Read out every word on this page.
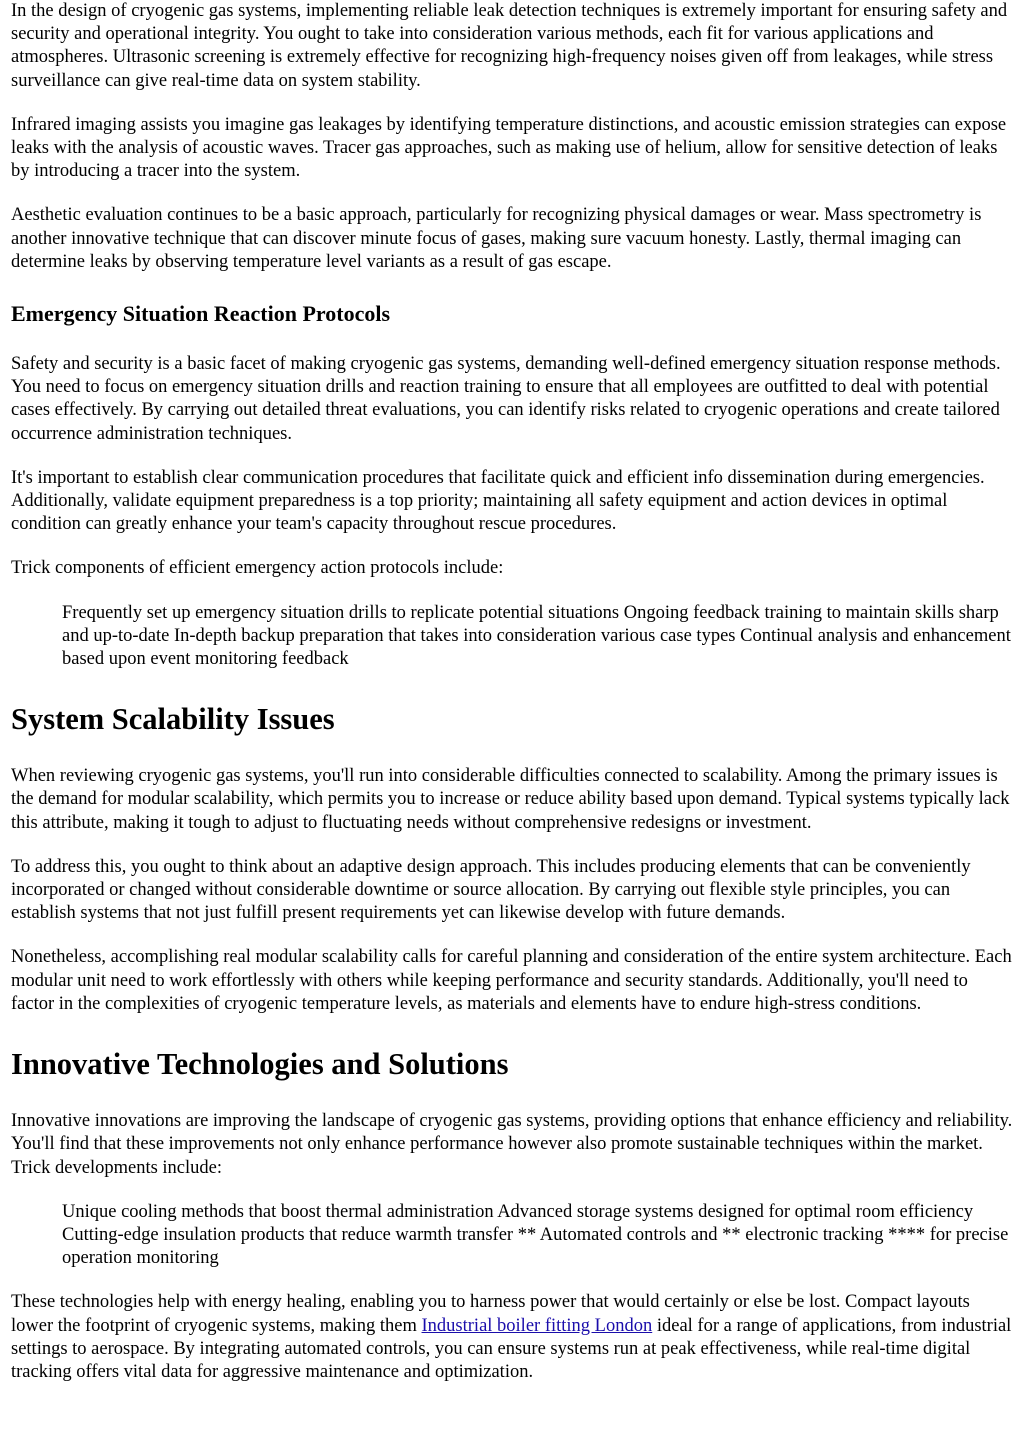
In the design of cryogenic gas systems, implementing reliable leak detection techniques is extremely important for ensuring safety and security and operational integrity. You ought to take into consideration various methods, each fit for various applications and atmospheres. Ultrasonic screening is extremely effective for recognizing high-frequency noises given off from leakages, while stress surveillance can give real-time data on system stability.

Infrared imaging assists you imagine gas leakages by identifying temperature distinctions, and acoustic emission strategies can expose leaks with the analysis of acoustic waves. Tracer gas approaches, such as making use of helium, allow for sensitive detection of leaks by introducing a tracer into the system.

Aesthetic evaluation continues to be a basic approach, particularly for recognizing physical damages or wear. Mass spectrometry is another innovative technique that can discover minute focus of gases, making sure vacuum honesty. Lastly, thermal imaging can determine leaks by observing temperature level variants as a result of gas escape.

Emergency Situation Reaction Protocols

Safety and security is a basic facet of making cryogenic gas systems, demanding well-defined emergency situation response methods. You need to focus on emergency situation drills and reaction training to ensure that all employees are outfitted to deal with potential cases effectively. By carrying out detailed threat evaluations, you can identify risks related to cryogenic operations and create tailored occurrence administration techniques.

It's important to establish clear communication procedures that facilitate quick and efficient info dissemination during emergencies. Additionally, validate equipment preparedness is a top priority; maintaining all safety equipment and action devices in optimal condition can greatly enhance your team's capacity throughout rescue procedures.

Trick components of efficient emergency action protocols include:

Frequently set up emergency situation drills to replicate potential situations Ongoing feedback training to maintain skills sharp and up-to-date In-depth backup preparation that takes into consideration various case types Continual analysis and enhancement based upon event monitoring feedback
System Scalability Issues

When reviewing cryogenic gas systems, you'll run into considerable difficulties connected to scalability. Among the primary issues is the demand for modular scalability, which permits you to increase or reduce ability based upon demand. Typical systems typically lack this attribute, making it tough to adjust to fluctuating needs without comprehensive redesigns or investment.

To address this, you ought to think about an adaptive design approach. This includes producing elements that can be conveniently incorporated or changed without considerable downtime or source allocation. By carrying out flexible style principles, you can establish systems that not just fulfill present requirements yet can likewise develop with future demands.

Nonetheless, accomplishing real modular scalability calls for careful planning and consideration of the entire system architecture. Each modular unit need to work effortlessly with others while keeping performance and security standards. Additionally, you'll need to factor in the complexities of cryogenic temperature levels, as materials and elements have to endure high-stress conditions.

Innovative Technologies and Solutions

Innovative innovations are improving the landscape of cryogenic gas systems, providing options that enhance efficiency and reliability. You'll find that these improvements not only enhance performance however also promote sustainable techniques within the market. Trick developments include:

Unique cooling methods that boost thermal administration Advanced storage systems designed for optimal room efficiency Cutting-edge insulation products that reduce warmth transfer ** Automated controls and ** electronic tracking **** for precise operation monitoring

These technologies help with energy healing, enabling you to harness power that would certainly or else be lost. Compact layouts lower the footprint of cryogenic systems, making them Industrial boiler fitting London ideal for a range of applications, from industrial settings to aerospace. By integrating automated controls, you can ensure systems run at peak effectiveness, while real-time digital tracking offers vital data for aggressive maintenance and optimization.
